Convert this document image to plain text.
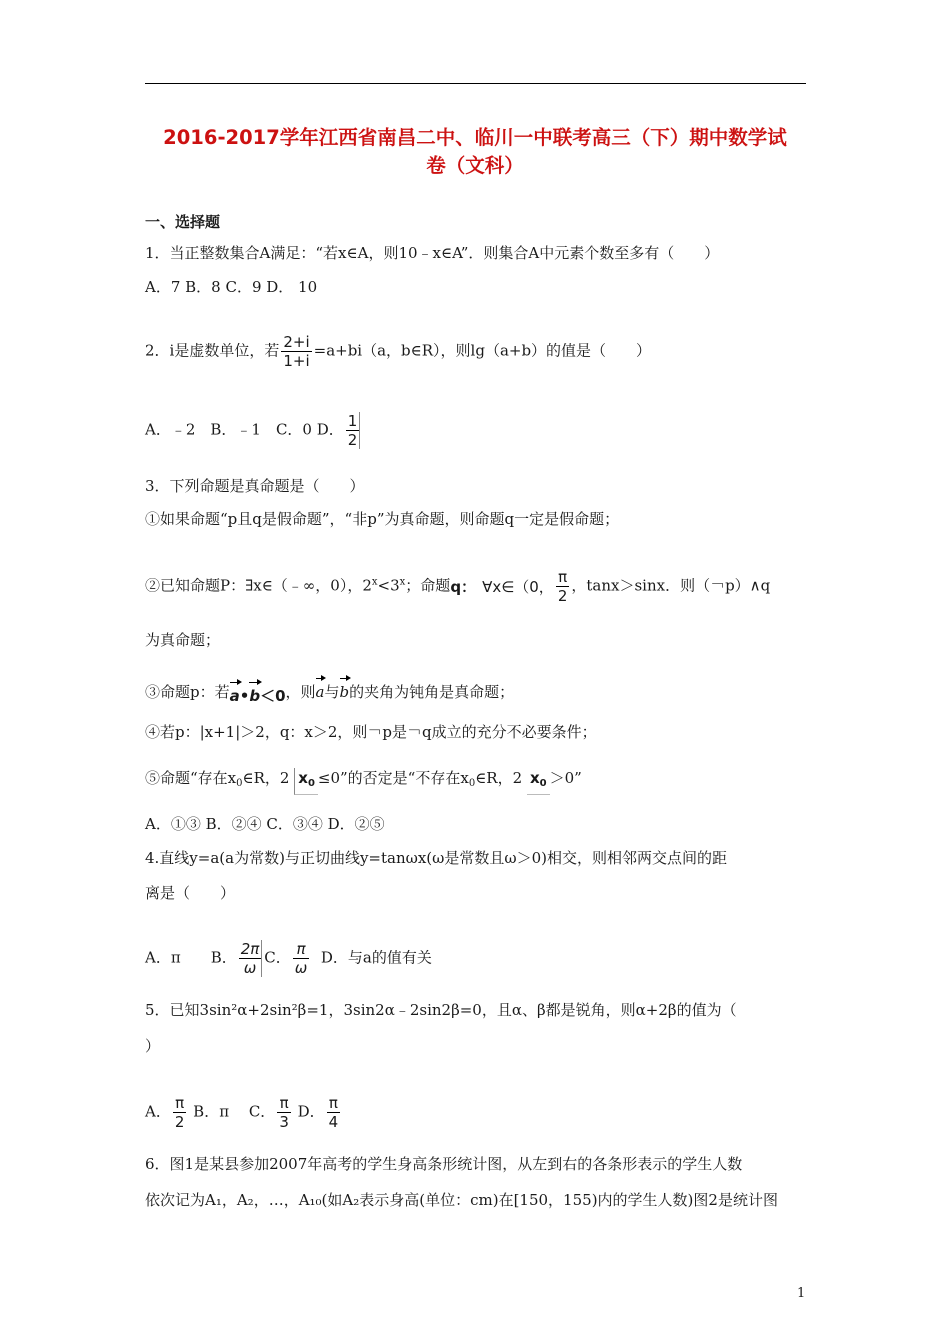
2016-2017学年江西省南昌二中、临川一中联考高三（下）期中数学试
卷（文科）
一、选择题
1．当正整数集合A满足：“若x∈A，则10﹣x∈A”．则集合A中元素个数至多有（　　）
A．7 B．8 C．9 D． 10
2．i是虚数单位，若 $\frac{2+i}{1+i} =a+bi(a$，b∈R），则lg（a+b）的值是（　　）
A．﹣2　B．﹣1　C．0 D． $\frac{1}{2}$
3．下列命题是真命题是（　　）
①如果命题“p且q是假命题”，“非p”为真命题，则命题q一定是假命题；
②已知命题P：∃x∈（﹣∞，0），$2^x<3^x$；命题q： ∀x∈（0， $\frac{\pi}{2}$ ，tanx＞sinx．则（￢p）∧q
为真命题；
③命题p：若a•b＜0，则a与b的夹角为钝角是真命题；
④若p：|x+1|＞2，q：x＞2，则￢p是￢q成立的充分不必要条件；
⑤命题“存在$x_0\in R$，2 $x_0 \le 0$”的否定是“不存在$x_0\in R$，2 $x_0 >0$”
A．①③ B．②④ C．③④ D．②⑤
4.直线y=a(a为常数)与正切曲线y=tanωx(ω是常数且ω＞0)相交，则相邻两交点间的距
离是（　　）
A．π　　B． $\frac{2\pi}{\omega}$ C． $\frac{\pi}{\omega}$ D．与a的值有关
5．已知3sin²α+2sin²β=1，3sin2α﹣2sin2β=0，且α、β都是锐角，则α+2β的值为（
）
A． $\frac{\pi}{2}$ B．π　 C． $\frac{\pi}{3}$ D． $\frac{\pi}{4}$
6．图1是某县参加2007年高考的学生身高条形统计图，从左到右的各条形表示的学生人数
依次记为A₁，A₂，…，A₁₀(如A₂表示身高(单位：cm)在[150，155)内的学生人数)图2是统计图
1
